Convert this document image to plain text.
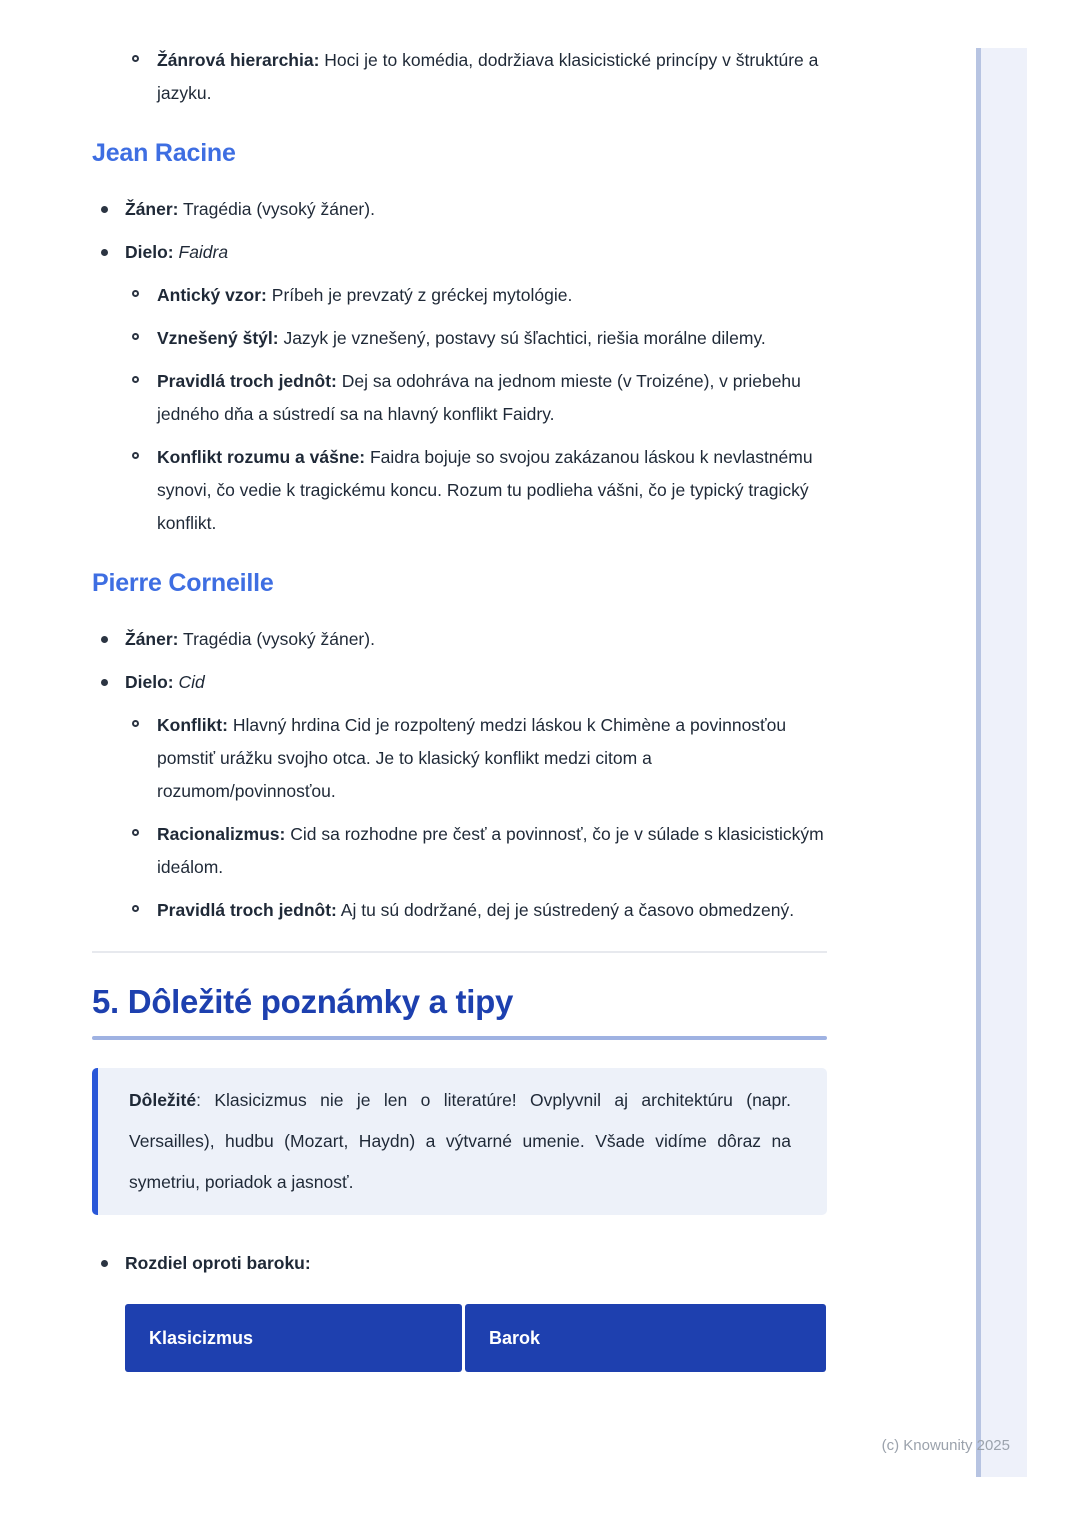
Žánrová hierarchia: Hoci je to komédia, dodržiava klasicistické princípy v štruktúre a jazyku.
Jean Racine
Žáner: Tragédia (vysoký žáner).
Dielo: Faidra
Antický vzor: Príbeh je prevzatý z gréckej mytológie.
Vznešený štýl: Jazyk je vznešený, postavy sú šľachtici, riešia morálne dilemy.
Pravidlá troch jednôt: Dej sa odohráva na jednom mieste (v Troizéne), v priebehu jedného dňa a sústredí sa na hlavný konflikt Faidry.
Konflikt rozumu a vášne: Faidra bojuje so svojou zakázanou láskou k nevlastnému synovi, čo vedie k tragickému koncu. Rozum tu podlieha vášni, čo je typický tragický konflikt.
Pierre Corneille
Žáner: Tragédia (vysoký žáner).
Dielo: Cid
Konflikt: Hlavný hrdina Cid je rozpoltený medzi láskou k Chimène a povinnosťou pomstiť urážku svojho otca. Je to klasický konflikt medzi citom a rozumom/povinnosťou.
Racionalizmus: Cid sa rozhodne pre česť a povinnosť, čo je v súlade s klasicistickým ideálom.
Pravidlá troch jednôt: Aj tu sú dodržané, dej je sústredený a časovo obmedzený.
5. Dôležité poznámky a tipy

Dôležité: Klasicizmus nie je len o literatúre! Ovplyvnil aj architektúru (napr. Versailles), hudbu (Mozart, Haydn) a výtvarné umenie. Všade vidíme dôraz na symetriu, poriadok a jasnosť.

Rozdiel oproti baroku:
Klasicizmus	Barok
(c) Knowunity 2025
